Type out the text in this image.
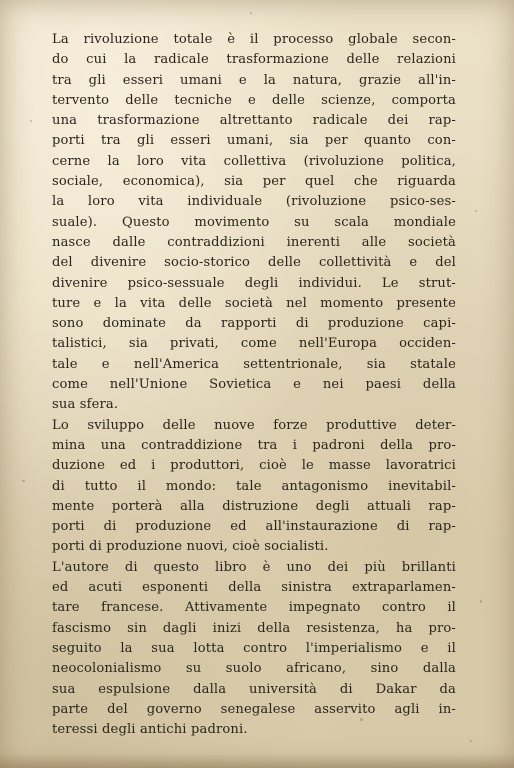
La rivoluzione totale è il processo globale secon-
do cui la radicale trasformazione delle relazioni
tra gli esseri umani e la natura, grazie all'in-
tervento delle tecniche e delle scienze, comporta
una trasformazione altrettanto radicale dei rap-
porti tra gli esseri umani, sia per quanto con-
cerne la loro vita collettiva (rivoluzione politica,
sociale, economica), sia per quel che riguarda
la loro vita individuale (rivoluzione psico-ses-
suale). Questo movimento su scala mondiale
nasce dalle contraddizioni inerenti alle società
del divenire socio-storico delle collettività e del
divenire psico-sessuale degli individui. Le strut-
ture e la vita delle società nel momento presente
sono dominate da rapporti di produzione capi-
talistici, sia privati, come nell'Europa occiden-
tale e nell'America settentrionale, sia statale
come nell'Unione Sovietica e nei paesi della
sua sfera.
Lo sviluppo delle nuove forze produttive deter-
mina una contraddizione tra i padroni della pro-
duzione ed i produttori, cioè le masse lavoratrici
di tutto il mondo: tale antagonismo inevitabil-
mente porterà alla distruzione degli attuali rap-
porti di produzione ed all'instaurazione di rap-
porti di produzione nuovi, cioè socialisti.
L'autore di questo libro è uno dei più brillanti
ed acuti esponenti della sinistra extraparlamen-
tare francese. Attivamente impegnato contro il
fascismo sin dagli inizi della resistenza, ha pro-
seguito la sua lotta contro l'imperialismo e il
neocolonialismo su suolo africano, sino dalla
sua espulsione dalla università di Dakar da
parte del governo senegalese asservito agli in-
teressi degli antichi padroni.
